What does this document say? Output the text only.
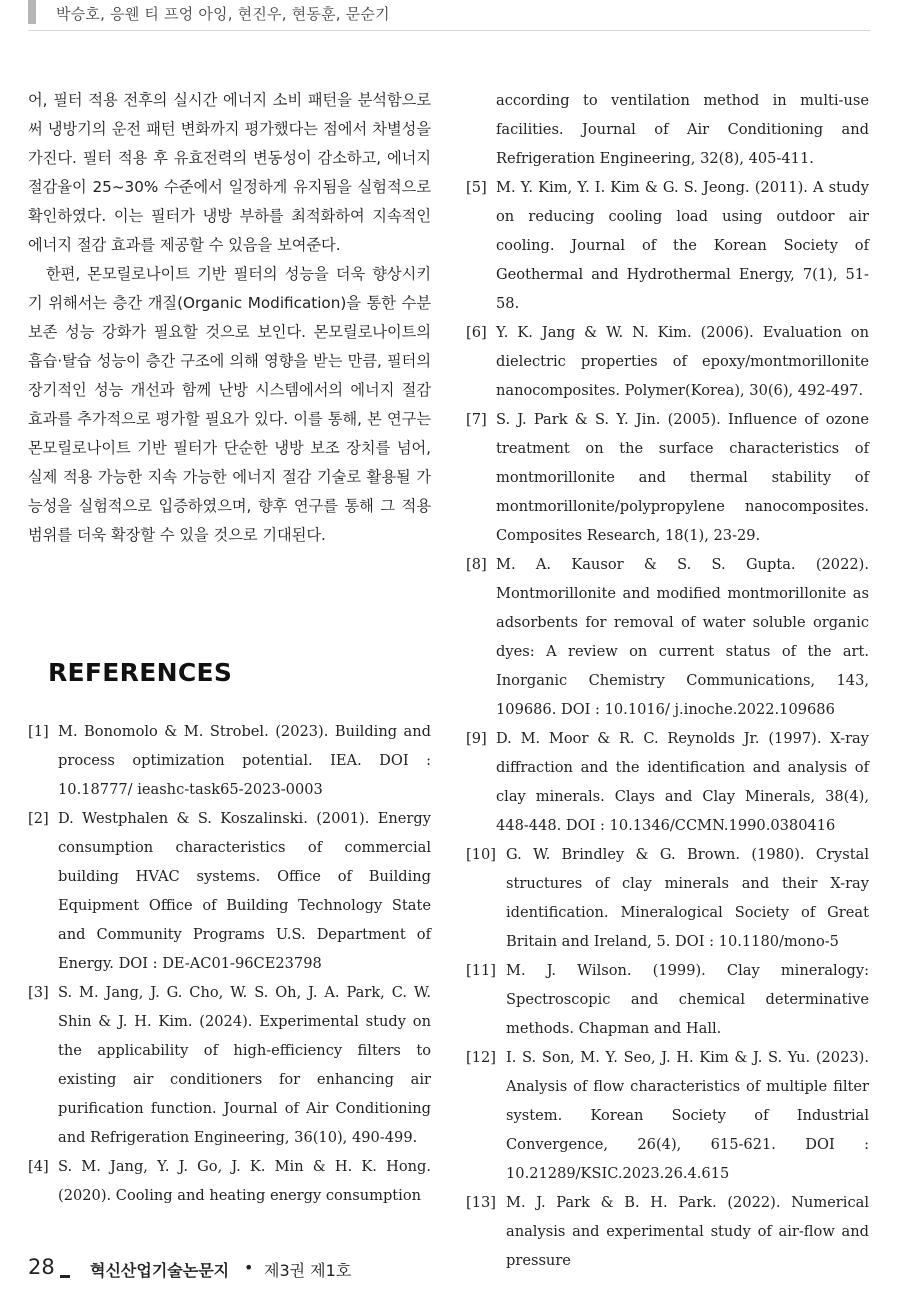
박승호, 응웬 티 프엉 아잉, 현진우, 현동훈, 문순기

어, 필터 적용 전후의 실시간 에너지 소비 패턴을 분석함으로써 냉방기의 운전 패턴 변화까지 평가했다는 점에서 차별성을 가진다. 필터 적용 후 유효전력의 변동성이 감소하고, 에너지 절감율이 25~30% 수준에서 일정하게 유지됨을 실험적으로 확인하였다. 이는 필터가 냉방 부하를 최적화하여 지속적인 에너지 절감 효과를 제공할 수 있음을 보여준다.

한편, 몬모릴로나이트 기반 필터의 성능을 더욱 향상시키기 위해서는 층간 개질(Organic Modification)을 통한 수분 보존 성능 강화가 필요할 것으로 보인다. 몬모릴로나이트의 흡습·탈습 성능이 층간 구조에 의해 영향을 받는 만큼, 필터의 장기적인 성능 개선과 함께 난방 시스템에서의 에너지 절감 효과를 추가적으로 평가할 필요가 있다. 이를 통해, 본 연구는 몬모릴로나이트 기반 필터가 단순한 냉방 보조 장치를 넘어, 실제 적용 가능한 지속 가능한 에너지 절감 기술로 활용될 가능성을 실험적으로 입증하였으며, 향후 연구를 통해 그 적용 범위를 더욱 확장할 수 있을 것으로 기대된다.

REFERENCES
[1] M. Bonomolo & M. Strobel. (2023). Building and process optimization potential. IEA. DOI : 10.18777/ ieashc-task65-2023-0003
[2] D. Westphalen & S. Koszalinski. (2001). Energy consumption characteristics of commercial building HVAC systems. Office of Building Equipment Office of Building Technology State and Community Programs U.S. Department of Energy. DOI : DE-AC01-96CE23798
[3] S. M. Jang, J. G. Cho, W. S. Oh, J. A. Park, C. W. Shin & J. H. Kim. (2024). Experimental study on the applicability of high-efficiency filters to existing air conditioners for enhancing air purification function. Journal of Air Conditioning and Refrigeration Engineering, 36(10), 490-499.
[4] S. M. Jang, Y. J. Go, J. K. Min & H. K. Hong. (2020). Cooling and heating energy consumption
according to ventilation method in multi-use facilities. Journal of Air Conditioning and Refrigeration Engineering, 32(8), 405-411.
[5] M. Y. Kim, Y. I. Kim & G. S. Jeong. (2011). A study on reducing cooling load using outdoor air cooling. Journal of the Korean Society of Geothermal and Hydrothermal Energy, 7(1), 51-58.
[6] Y. K. Jang & W. N. Kim. (2006). Evaluation on dielectric properties of epoxy/montmorillonite nanocomposites. Polymer(Korea), 30(6), 492-497.
[7] S. J. Park & S. Y. Jin. (2005). Influence of ozone treatment on the surface characteristics of montmorillonite and thermal stability of montmorillonite/polypropylene nanocomposites. Composites Research, 18(1), 23-29.
[8] M. A. Kausor & S. S. Gupta. (2022). Montmorillonite and modified montmorillonite as adsorbents for removal of water soluble organic dyes: A review on current status of the art. Inorganic Chemistry Communications, 143, 109686. DOI : 10.1016/ j.inoche.2022.109686
[9] D. M. Moor & R. C. Reynolds Jr. (1997). X-ray diffraction and the identification and analysis of clay minerals. Clays and Clay Minerals, 38(4), 448-448. DOI : 10.1346/CCMN.1990.0380416
[10] G. W. Brindley & G. Brown. (1980). Crystal structures of clay minerals and their X-ray identification. Mineralogical Society of Great Britain and Ireland, 5. DOI : 10.1180/mono-5
[11] M. J. Wilson. (1999). Clay mineralogy: Spectroscopic and chemical determinative methods. Chapman and Hall.
[12] I. S. Son, M. Y. Seo, J. H. Kim & J. S. Yu. (2023). Analysis of flow characteristics of multiple filter system. Korean Society of Industrial Convergence, 26(4), 615-621. DOI : 10.21289/KSIC.2023.26.4.615
[13] M. J. Park & B. H. Park. (2022). Numerical analysis and experimental study of air-flow and pressure
28 혁신산업기술논문지 • 제3권 제1호
